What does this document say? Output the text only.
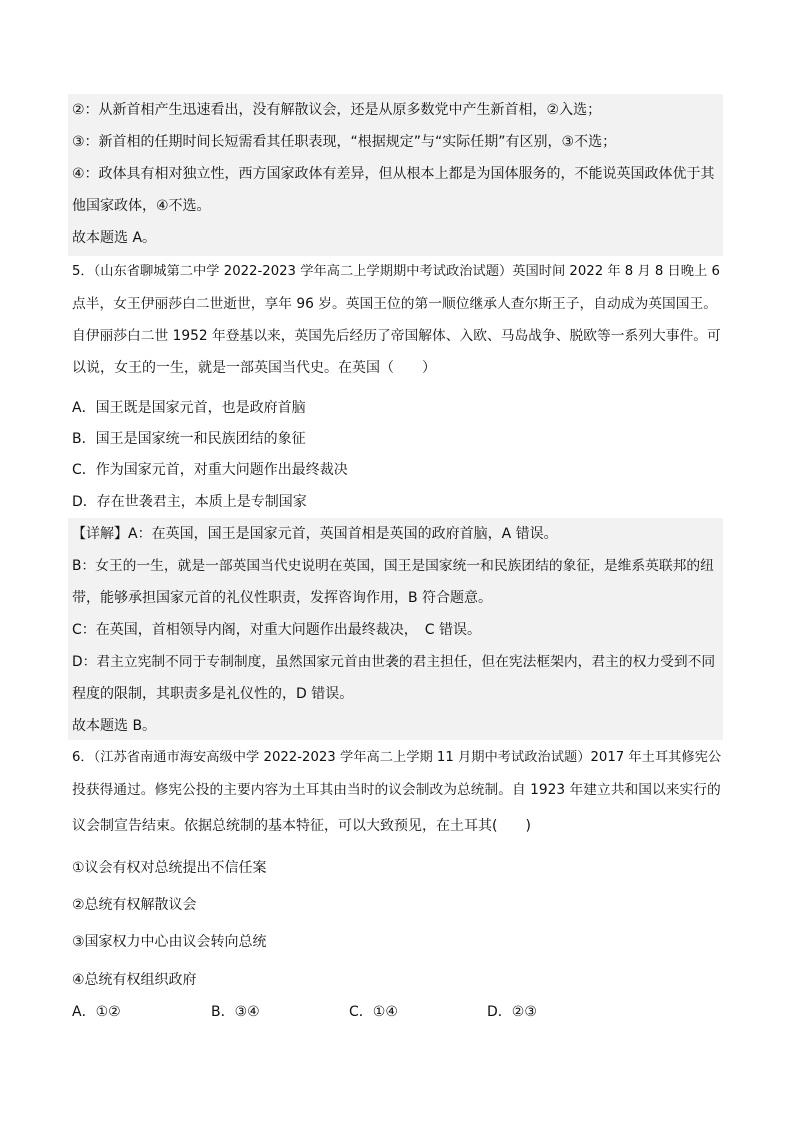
②：从新首相产生迅速看出，没有解散议会，还是从原多数党中产生新首相，②入选；
③：新首相的任期时间长短需看其任职表现，“根据规定”与“实际任期”有区别，③不选；
④：政体具有相对独立性，西方国家政体有差异，但从根本上都是为国体服务的，不能说英国政体优于其
他国家政体，④不选。
故本题选 A。
5．（山东省聊城第二中学 2022-2023 学年高二上学期期中考试政治试题）英国时间 2022 年 8 月 8 日晚上 6
点半，女王伊丽莎白二世逝世，享年 96 岁。英国王位的第一顺位继承人查尔斯王子，自动成为英国国王。
自伊丽莎白二世 1952 年登基以来，英国先后经历了帝国解体、入欧、马岛战争、脱欧等一系列大事件。可
以说，女王的一生，就是一部英国当代史。在英国（　　）
A．国王既是国家元首，也是政府首脑
B．国王是国家统一和民族团结的象征
C．作为国家元首，对重大问题作出最终裁决
D．存在世袭君主，本质上是专制国家
【详解】A：在英国，国王是国家元首，英国首相是英国的政府首脑，A 错误。
B：女王的一生，就是一部英国当代史说明在英国，国王是国家统一和民族团结的象征，是维系英联邦的纽
带，能够承担国家元首的礼仪性职责，发挥咨询作用，B 符合题意。
C：在英国，首相领导内阁，对重大问题作出最终裁决，　C 错误。
D：君主立宪制不同于专制制度，虽然国家元首由世袭的君主担任，但在宪法框架内，君主的权力受到不同
程度的限制，其职责多是礼仪性的，D 错误。
故本题选 B。
6．（江苏省南通市海安高级中学 2022-2023 学年高二上学期 11 月期中考试政治试题）2017 年土耳其修宪公
投获得通过。修宪公投的主要内容为土耳其由当时的议会制改为总统制。自 1923 年建立共和国以来实行的
议会制宣告结束。依据总统制的基本特征，可以大致预见，在土耳其(　　)
①议会有权对总统提出不信任案
②总统有权解散议会
③国家权力中心由议会转向总统
④总统有权组织政府
A．①②	B．③④	C．①④	D．②③
